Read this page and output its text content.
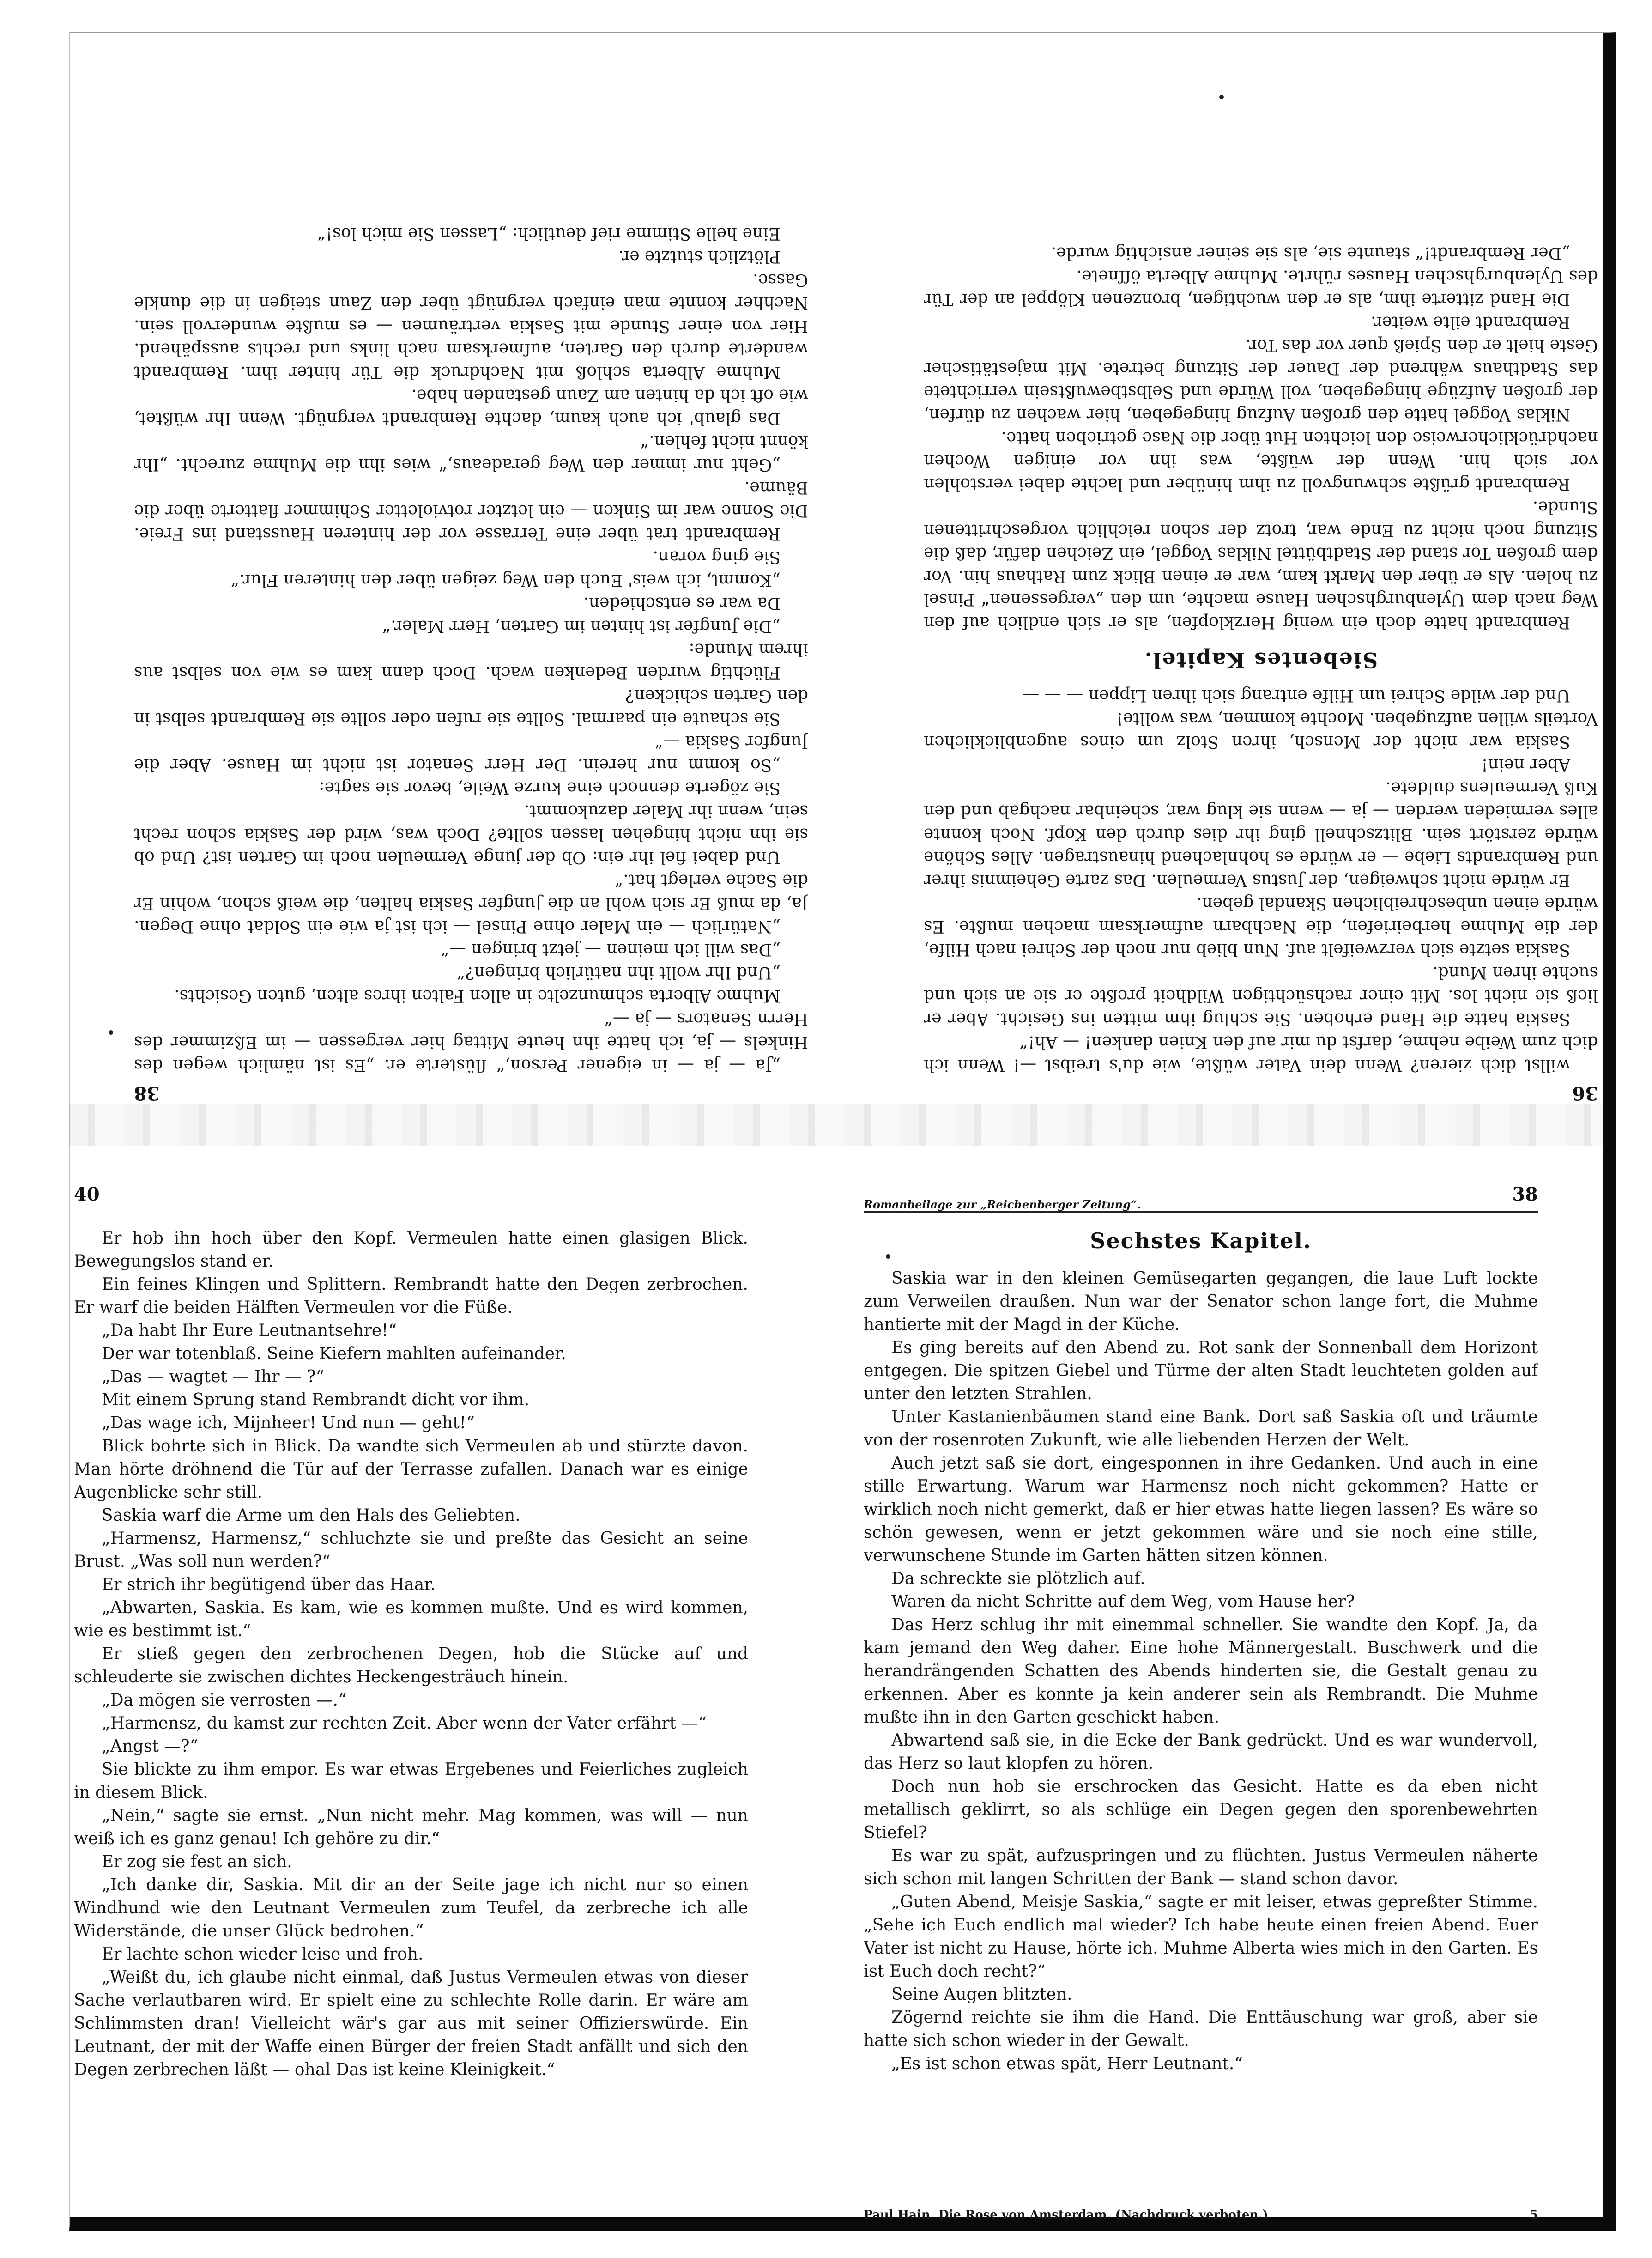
36

willst dich zieren? Wenn dein Vater wüßte, wie du's treibst —! Wenn ich dich zum Weibe nehme, darfst du mir auf den Knien danken! — Ah!“

Saskia hatte die Hand erhoben. Sie schlug ihm mitten ins Gesicht. Aber er ließ sie nicht los. Mit einer rachsüchtigen Wildheit preßte er sie an sich und suchte ihren Mund.

Saskia setzte sich verzweifelt auf. Nun blieb nur noch der Schrei nach Hilfe, der die Muhme herbeiriefen, die Nachbarn aufmerksam machen mußte. Es würde einen unbeschreiblichen Skandal geben.

Er würde nicht schweigen, der Justus Vermeulen. Das zarte Geheimnis ihrer und Rembrandts Liebe — er würde es hohnlachend hinaustragen. Alles Schöne würde zerstört sein. Blitzschnell ging ihr dies durch den Kopf. Noch konnte alles vermieden werden — ja — wenn sie klug war, scheinbar nachgab und den Kuß Vermeulens duldete.

Aber nein!

Saskia war nicht der Mensch, ihren Stolz um eines augenblicklichen Vorteils willen aufzugeben. Mochte kommen, was wollte!

Und der wilde Schrei um Hilfe entrang sich ihren Lippen — — —

Siebentes Kapitel.

Rembrandt hatte doch ein wenig Herzklopfen, als er sich endlich auf den Weg nach dem Uylenburghschen Hause machte, um den „vergessenen“ Pinsel zu holen. Als er über den Markt kam, war er einen Blick zum Rathaus hin. Vor dem großen Tor stand der Stadtbüttel Niklas Voggel, ein Zeichen dafür, daß die Sitzung noch nicht zu Ende war, trotz der schon reichlich vorgeschrittenen Stunde.

Rembrandt grüßte schwungvoll zu ihm hinüber und lachte dabei verstohlen vor sich hin. Wenn der wüßte, was ihn vor einigen Wochen nachdrücklicherweise den leichten Hut über die Nase getrieben hatte.

Niklas Voggel hatte den großen Aufzug hingegeben, hier wachen zu dürfen, der großen Aufzüge hingegeben, voll Würde und Selbstbewußtsein verrichtete das Stadthaus während der Dauer der Sitzung betrete. Mit majestätischer Geste hielt er den Spieß quer vor das Tor.

Rembrandt eilte weiter.

Die Hand zitterte ihm, als er den wuchtigen, bronzenen Klöppel an der Tür des Uylenburghschen Hauses rührte. Muhme Alberta öffnete.

„Der Rembrandt!“ staunte sie, als sie seiner ansichtig wurde.

38

„Ja — ja — in eigener Person,“ flüsterte er. „Es ist nämlich wegen des Hinkels — ja, ich hatte ihn heute Mittag hier vergessen — im Eßzimmer des Herrn Senators — ja —“

Muhme Alberta schmunzelte in allen Falten ihres alten, guten Gesichts.

„Und Ihr wollt ihn natürlich bringen?“

„Das will ich meinen — jetzt bringen —“

„Natürlich — ein Maler ohne Pinsel — ich ist ja wie ein Soldat ohne Degen. Ja, da muß Er sich wohl an die Jungfer Saskia halten, die weiß schon, wohin Er die Sache verlegt hat.“

Und dabei fiel ihr ein: Ob der junge Vermeulen noch im Garten ist? Und ob sie ihn nicht hingehen lassen sollte? Doch was, wird der Saskia schon recht sein, wenn ihr Maler dazukommt.

Sie zögerte dennoch eine kurze Weile, bevor sie sagte:

„So komm nur herein. Der Herr Senator ist nicht im Hause. Aber die Jungfer Saskia —“

Sie schaute ein paarmal. Sollte sie rufen oder sollte sie Rembrandt selbst in den Garten schicken?

Flüchtig wurden Bedenken wach. Doch dann kam es wie von selbst aus ihrem Munde:

„Die Jungfer ist hinten im Garten, Herr Maler.“

Da war es entschieden.

„Kommt, ich weis' Euch den Weg zeigen über den hinteren Flur.“

Sie ging voran.

Rembrandt trat über eine Terrasse vor der hinteren Hausstand ins Freie. Die Sonne war im Sinken — ein letzter rotvioletter Schimmer flatterte über die Bäume.

„Geht nur immer den Weg geradeaus,“ wies ihn die Muhme zurecht. „Ihr könnt nicht fehlen.“

Das glaub' ich auch kaum, dachte Rembrandt vergnügt. Wenn Ihr wüßtet, wie oft ich da hinten am Zaun gestanden habe.

Muhme Alberta schloß mit Nachdruck die Tür hinter ihm. Rembrandt wanderte durch den Garten, aufmerksam nach links und rechts ausspähend. Hier von einer Stunde mit Saskia verträumen — es mußte wundervoll sein. Nachher konnte man einfach vergnügt über den Zaun steigen in die dunkle Gasse.

Plötzlich stutzte er.

Eine helle Stimme rief deutlich: „Lassen Sie mich los!“

40

Er hob ihn hoch über den Kopf. Vermeulen hatte einen glasigen Blick. Bewegungslos stand er.

Ein feines Klingen und Splittern. Rembrandt hatte den Degen zerbrochen. Er warf die beiden Hälften Vermeulen vor die Füße.

„Da habt Ihr Eure Leutnantsehre!“

Der war totenblaß. Seine Kiefern mahlten aufeinander.

„Das — wagtet — Ihr — ?“

Mit einem Sprung stand Rembrandt dicht vor ihm.

„Das wage ich, Mijnheer! Und nun — geht!“

Blick bohrte sich in Blick. Da wandte sich Vermeulen ab und stürzte davon. Man hörte dröhnend die Tür auf der Terrasse zufallen. Danach war es einige Augenblicke sehr still.

Saskia warf die Arme um den Hals des Geliebten.

„Harmensz, Harmensz,“ schluchzte sie und preßte das Gesicht an seine Brust. „Was soll nun werden?“

Er strich ihr begütigend über das Haar.

„Abwarten, Saskia. Es kam, wie es kommen mußte. Und es wird kommen, wie es bestimmt ist.“

Er stieß gegen den zerbrochenen Degen, hob die Stücke auf und schleuderte sie zwischen dichtes Heckengesträuch hinein.

„Da mögen sie verrosten —.“

„Harmensz, du kamst zur rechten Zeit. Aber wenn der Vater erfährt —“

„Angst —?“

Sie blickte zu ihm empor. Es war etwas Ergebenes und Feierliches zugleich in diesem Blick.

„Nein,“ sagte sie ernst. „Nun nicht mehr. Mag kommen, was will — nun weiß ich es ganz genau! Ich gehöre zu dir.“

Er zog sie fest an sich.

„Ich danke dir, Saskia. Mit dir an der Seite jage ich nicht nur so einen Windhund wie den Leutnant Vermeulen zum Teufel, da zerbreche ich alle Widerstände, die unser Glück bedrohen.“

Er lachte schon wieder leise und froh.

„Weißt du, ich glaube nicht einmal, daß Justus Vermeulen etwas von dieser Sache verlautbaren wird. Er spielt eine zu schlechte Rolle darin. Er wäre am Schlimmsten dran! Vielleicht wär's gar aus mit seiner Offizierswürde. Ein Leutnant, der mit der Waffe einen Bürger der freien Stadt anfällt und sich den Degen zerbrechen läßt — ohal Das ist keine Kleinigkeit.“

Romanbeilage zur „Reichenberger Zeitung“.	38
Sechstes Kapitel.

Saskia war in den kleinen Gemüsegarten gegangen, die laue Luft lockte zum Verweilen draußen. Nun war der Senator schon lange fort, die Muhme hantierte mit der Magd in der Küche.

Es ging bereits auf den Abend zu. Rot sank der Sonnenball dem Horizont entgegen. Die spitzen Giebel und Türme der alten Stadt leuchteten golden auf unter den letzten Strahlen.

Unter Kastanienbäumen stand eine Bank. Dort saß Saskia oft und träumte von der rosenroten Zukunft, wie alle liebenden Herzen der Welt.

Auch jetzt saß sie dort, eingesponnen in ihre Gedanken. Und auch in eine stille Erwartung. Warum war Harmensz noch nicht gekommen? Hatte er wirklich noch nicht gemerkt, daß er hier etwas hatte liegen lassen? Es wäre so schön gewesen, wenn er jetzt gekommen wäre und sie noch eine stille, verwunschene Stunde im Garten hätten sitzen können.

Da schreckte sie plötzlich auf.

Waren da nicht Schritte auf dem Weg, vom Hause her?

Das Herz schlug ihr mit einemmal schneller. Sie wandte den Kopf. Ja, da kam jemand den Weg daher. Eine hohe Männergestalt. Buschwerk und die herandrängenden Schatten des Abends hinderten sie, die Gestalt genau zu erkennen. Aber es konnte ja kein anderer sein als Rembrandt. Die Muhme mußte ihn in den Garten geschickt haben.

Abwartend saß sie, in die Ecke der Bank gedrückt. Und es war wundervoll, das Herz so laut klopfen zu hören.

Doch nun hob sie erschrocken das Gesicht. Hatte es da eben nicht metallisch geklirrt, so als schlüge ein Degen gegen den sporenbewehrten Stiefel?

Es war zu spät, aufzuspringen und zu flüchten. Justus Vermeulen näherte sich schon mit langen Schritten der Bank — stand schon davor.

„Guten Abend, Meisje Saskia,“ sagte er mit leiser, etwas gepreßter Stimme. „Sehe ich Euch endlich mal wieder? Ich habe heute einen freien Abend. Euer Vater ist nicht zu Hause, hörte ich. Muhme Alberta wies mich in den Garten. Es ist Euch doch recht?“

Seine Augen blitzten.

Zögernd reichte sie ihm die Hand. Die Enttäuschung war groß, aber sie hatte sich schon wieder in der Gewalt.

„Es ist schon etwas spät, Herr Leutnant.“

Paul Hain. Die Rose von Amsterdam. (Nachdruck verboten.)	5
